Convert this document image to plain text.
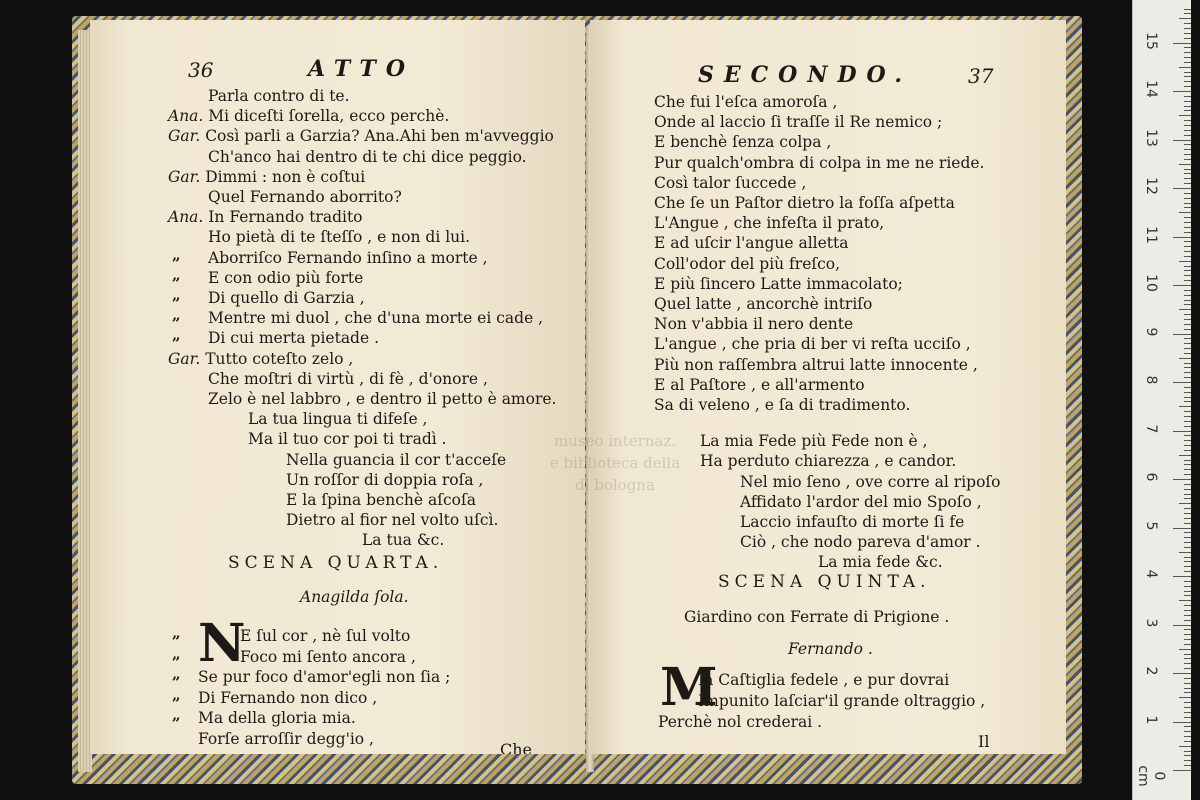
36	ATTO
Parla contro di te.
Ana. Mi diceſti ſorella, ecco perchè.
Gar. Così parli a Garzia? Ana.Ahi ben m'avveggio
Ch'anco hai dentro di te chi dice peggio.
Gar. Dimmi : non è coſtui
Quel Fernando aborrito?
Ana. In Fernando tradito
Ho pietà di te ſteſſo , e non di lui.
„ Aborriſco Fernando inſino a morte ,
„ E con odio più forte
„ Di quello di Garzia ,
„ Mentre mi duol , che d'una morte ei cade ,
„ Di cui merta pietade .
Gar. Tutto coteſto zelo ,
Che moſtri di virtù , di fè , d'onore ,
Zelo è nel labbro , e dentro il petto è amore.
La tua lingua ti difeſe ,
Ma il tuo cor poi ti tradì .
Nella guancia il cor t'acceſe
Un roſſor di doppia roſa ,
E la ſpina benchè aſcoſa
Dietro al fior nel volto uſcì.
La tua &c.
SCENA QUARTA.
Anagilda ſola.
N
„	E ſul cor , nè ſul volto
„	Foco mi ſento ancora ,
„ Se pur foco d'amor'egli non ſia ;
„ Di Fernando non dico ,
„ Ma della gloria mia.
Forſe arroſſir degg'io ,
Che
SECONDO.	37
Che fui l'eſca amoroſa ,
Onde al laccio ſi traſſe il Re nemico ;
E benchè ſenza colpa ,
Pur qualch'ombra di colpa in me ne riede.
Così talor ſuccede ,
Che ſe un Paſtor dietro la foſſa aſpetta
L'Angue , che infeſta il prato,
E ad uſcir l'angue alletta
Coll'odor del più freſco,
E più ſincero Latte immacolato;
Quel latte , ancorchè intriſo
Non v'abbia il nero dente
L'angue , che pria di ber vi reſta ucciſo ,
Più non raſſembra altrui latte innocente ,
E al Paſtore , e all'armento
Sa di veleno , e ſa di tradimento.
La mia Fede più Fede non è ,
Ha perduto chiarezza , e candor.
Nel mio ſeno , ove corre al ripoſo
Affidato l'ardor del mio Spoſo ,
Laccio infauſto di morte ſi fe
Ciò , che nodo pareva d'amor .
La mia fede &c.
SCENA QUINTA.
Giardino con Ferrate di Prigione .
Fernando .
M
Ia Caſtiglia fedele , e pur dovrai
Impunito laſciar'il grande oltraggio ,
Perchè nol crederai .
Il
museo internaz.
e biblioteca della
di bologna
0 cm
1
2
3
4
5
6
7
8
9
10
11
12
13
14
15
